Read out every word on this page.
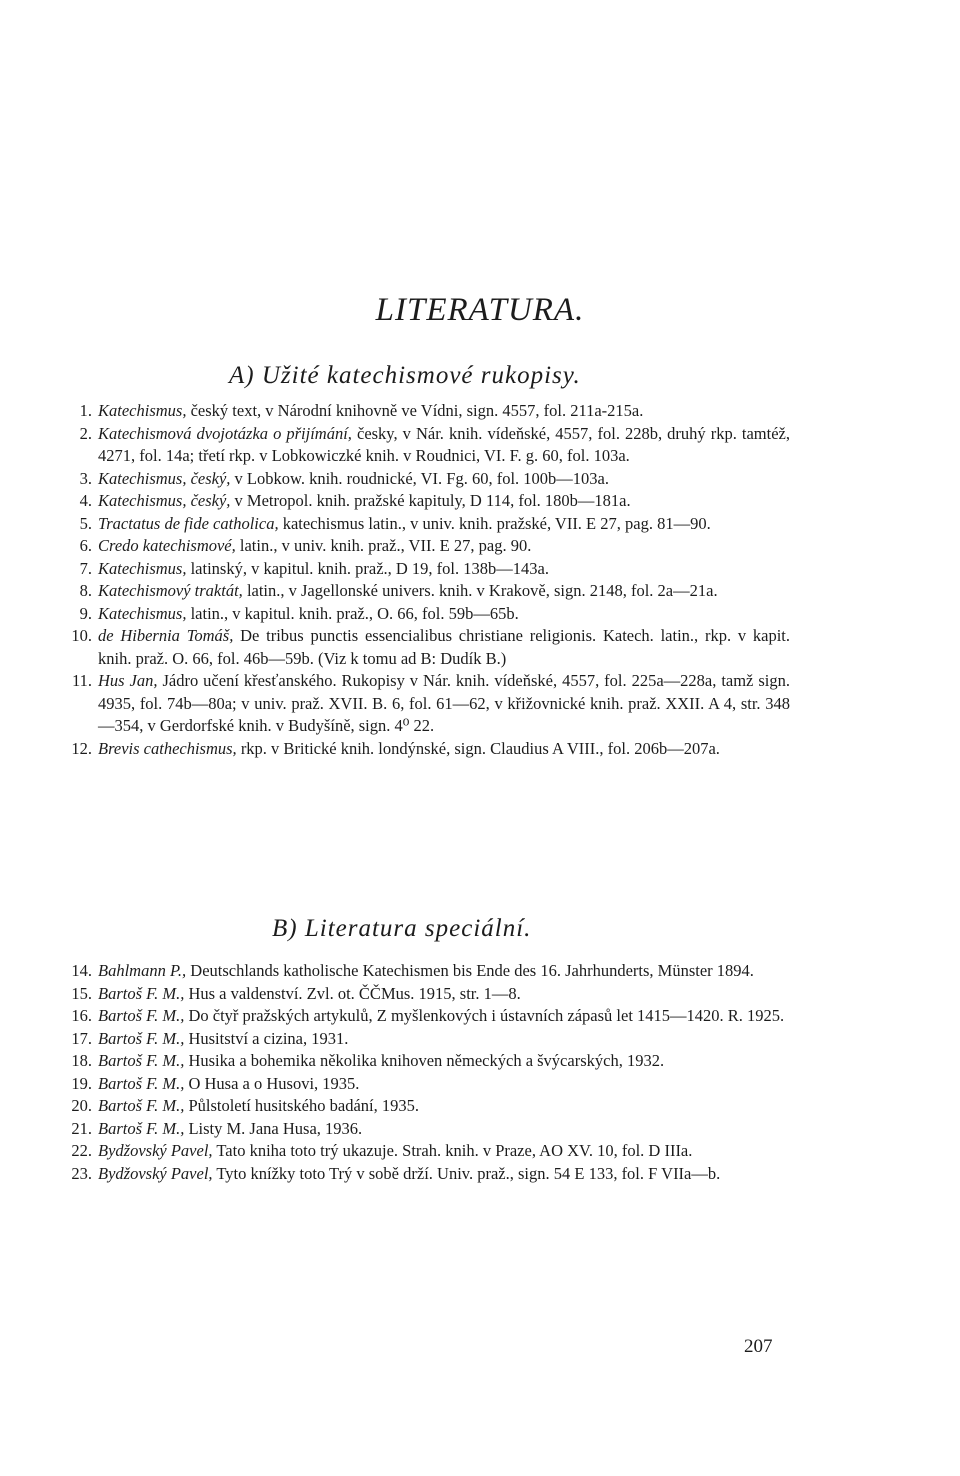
LITERATURA.
A) Užité katechismové rukopisy.
1. Katechismus, český text, v Národní knihovně ve Vídni, sign. 4557, fol. 211a-215a.
2. Katechismová dvojotázka o přijímání, česky, v Nár. knih. vídeňské, 4557, fol. 228b, druhý rkp. tamtéž, 4271, fol. 14a; třetí rkp. v Lobkowiczké knih. v Roudnici, VI. F. g. 60, fol. 103a.
3. Katechismus, český, v Lobkow. knih. roudnické, VI. Fg. 60, fol. 100b—103a.
4. Katechismus, český, v Metropol. knih. pražské kapituly, D 114, fol. 180b—181a.
5. Tractatus de fide catholica, katechismus latin., v univ. knih. pražské, VII. E 27, pag. 81—90.
6. Credo katechismové, latin., v univ. knih. praž., VII. E 27, pag. 90.
7. Katechismus, latinský, v kapitul. knih. praž., D 19, fol. 138b—143a.
8. Katechismový traktát, latin., v Jagellonské univers. knih. v Krakově, sign. 2148, fol. 2a—21a.
9. Katechismus, latin., v kapitul. knih. praž., O. 66, fol. 59b—65b.
10. de Hibernia Tomáš, De tribus punctis essencialibus christiane religionis. Katech. latin., rkp. v kapit. knih. praž. O. 66, fol. 46b—59b. (Viz k tomu ad B: Dudík B.)
11. Hus Jan, Jádro učení křesťanského. Rukopisy v Nár. knih. vídeňské, 4557, fol. 225a—228a, tamž sign. 4935, fol. 74b—80a; v univ. praž. XVII. B. 6, fol. 61—62, v křižovnické knih. praž. XXII. A 4, str. 348—354, v Gerdorfské knih. v Budyšíně, sign. 4⁰ 22.
12. Brevis cathechismus, rkp. v Britické knih. londýnské, sign. Claudius A VIII., fol. 206b—207a.
B) Literatura speciální.
14. Bahlmann P., Deutschlands katholische Katechismen bis Ende des 16. Jahrhunderts, Münster 1894.
15. Bartoš F. M., Hus a valdenství. Zvl. ot. ČČMus. 1915, str. 1—8.
16. Bartoš F. M., Do čtyř pražských artykulů, Z myšlenkových i ústavních zápasů let 1415—1420. R. 1925.
17. Bartoš F. M., Husitství a cizina, 1931.
18. Bartoš F. M., Husika a bohemika několika knihoven německých a švýcarských, 1932.
19. Bartoš F. M., O Husa a o Husovi, 1935.
20. Bartoš F. M., Půlstoletí husitského badání, 1935.
21. Bartoš F. M., Listy M. Jana Husa, 1936.
22. Bydžovský Pavel, Tato kniha toto trý ukazuje. Strah. knih. v Praze, AO XV. 10, fol. D IIIa.
23. Bydžovský Pavel, Tyto knížky toto Trý v sobě drží. Univ. praž., sign. 54 E 133, fol. F VIIa—b.
207
